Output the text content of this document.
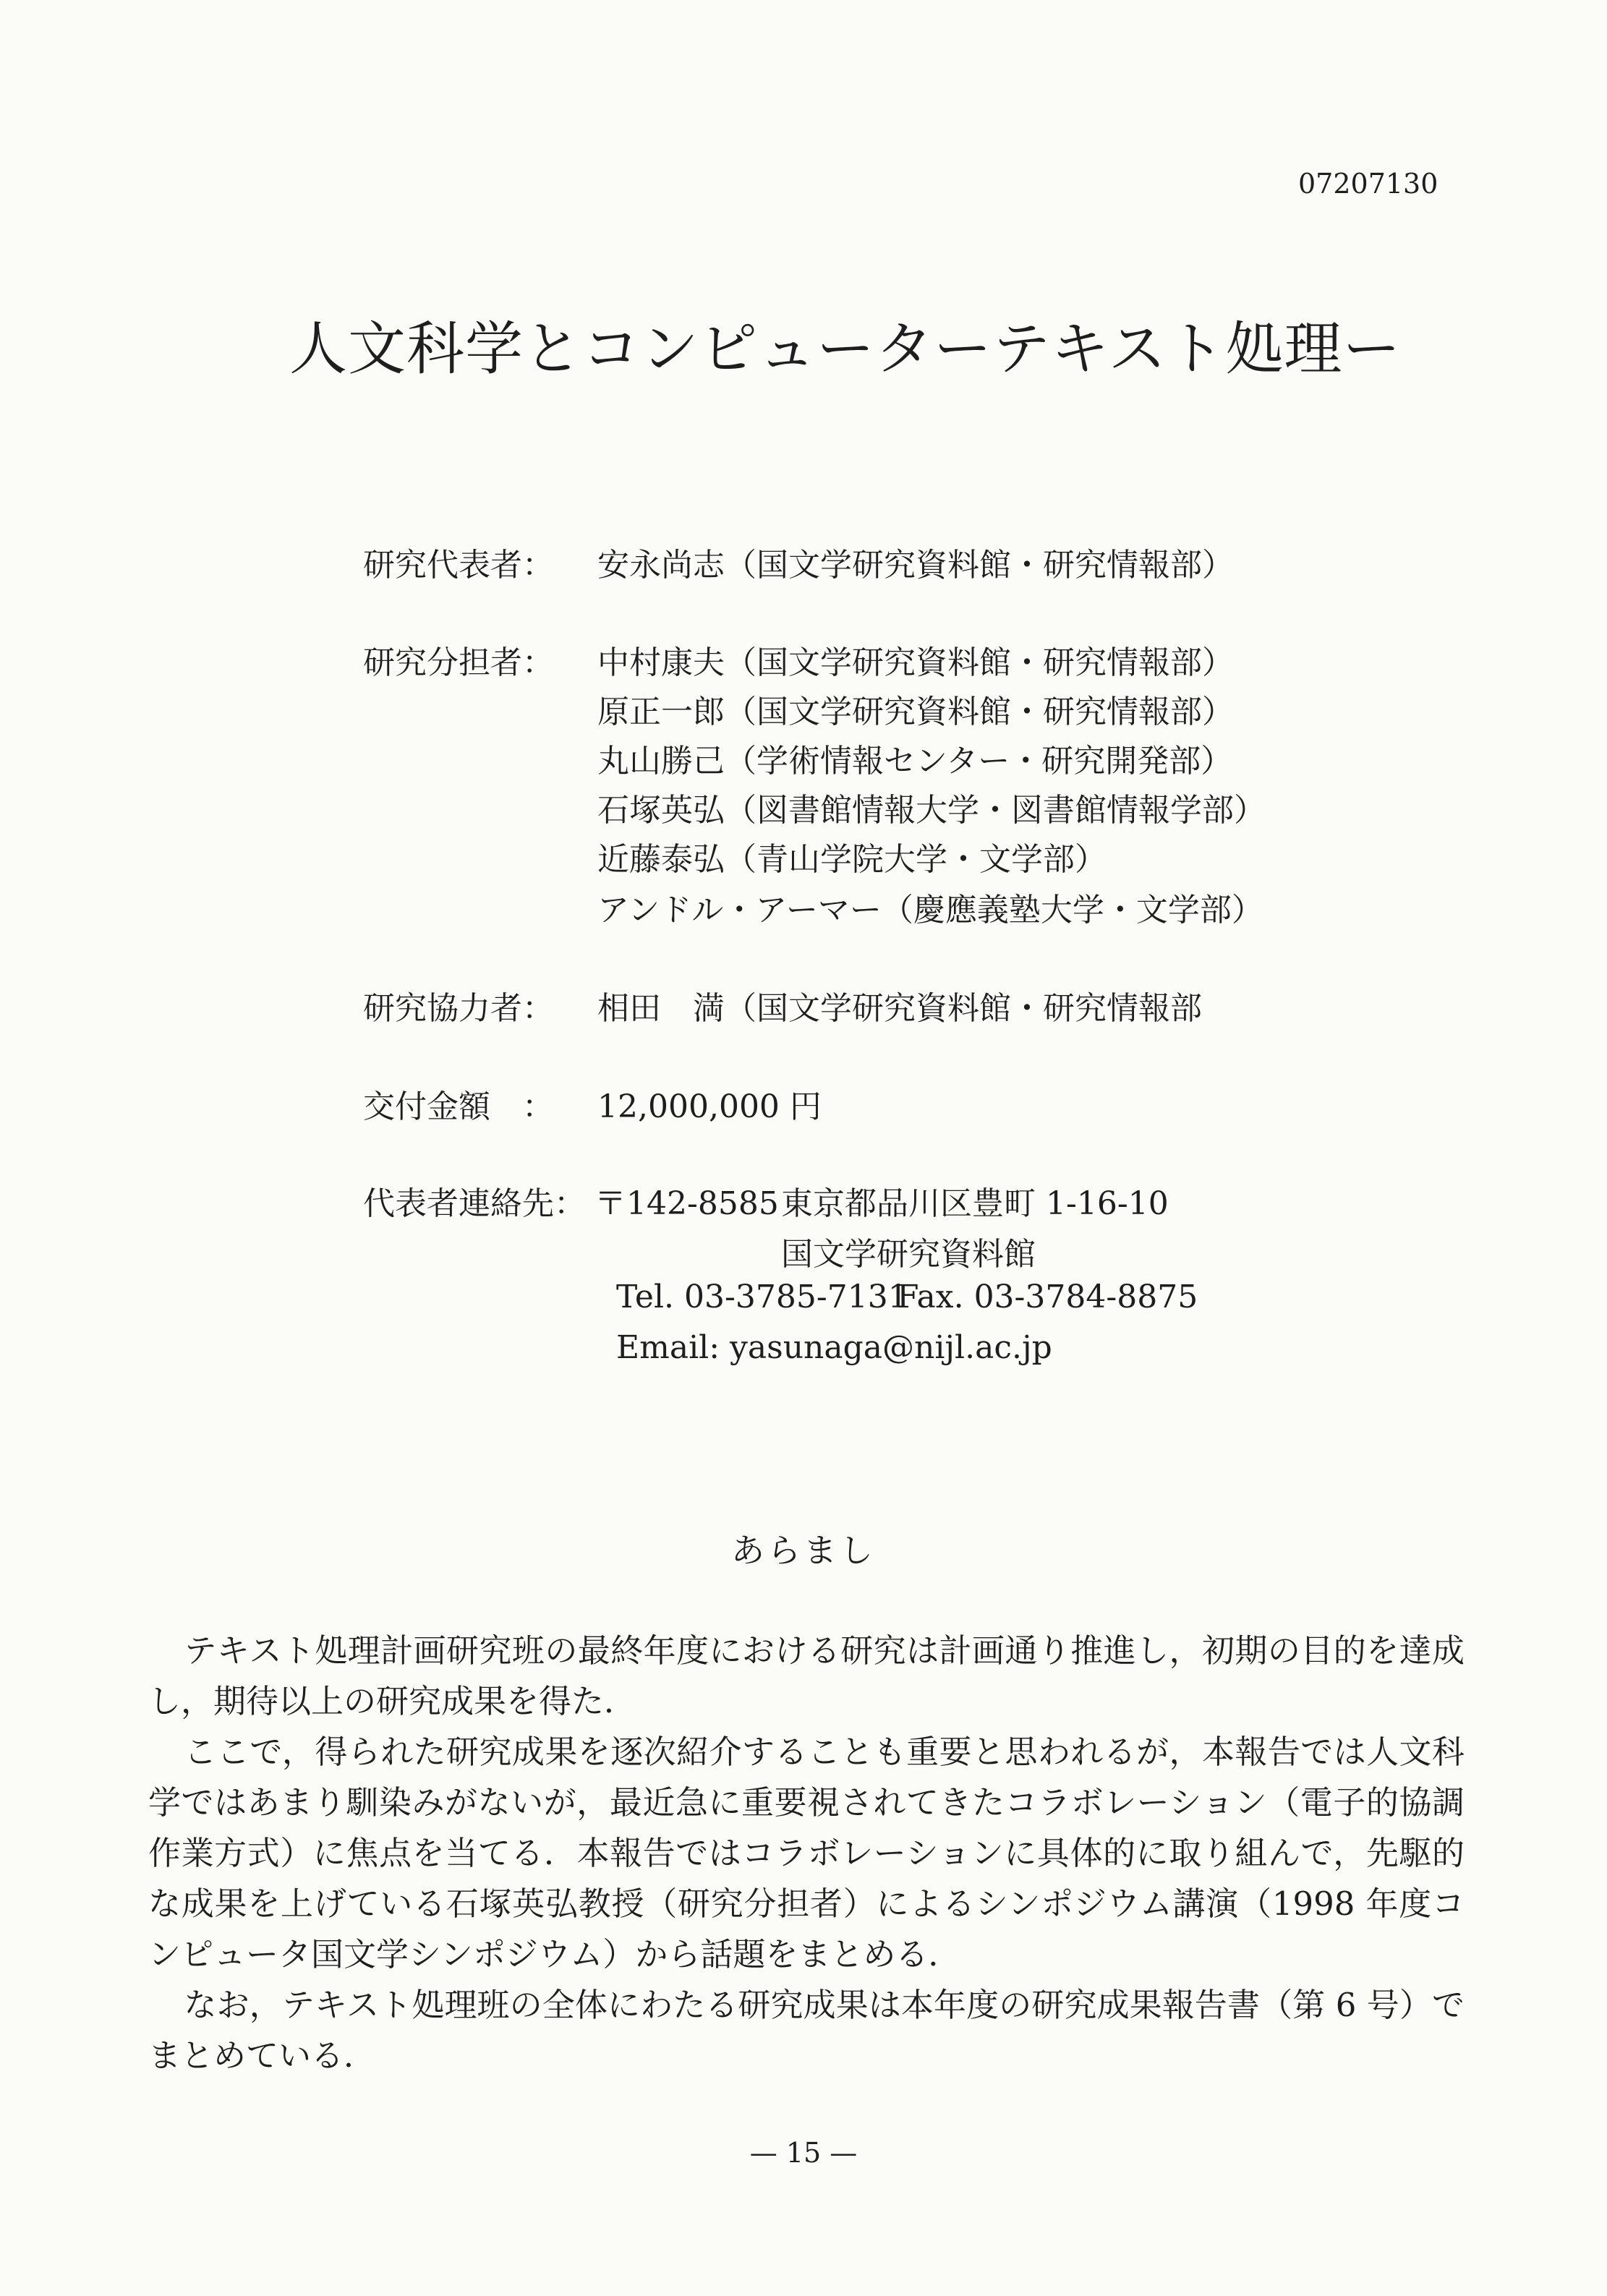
07207130
人文科学とコンピューターテキスト処理ー
研究代表者： 安永尚志（国文学研究資料館・研究情報部）
研究分担者： 中村康夫（国文学研究資料館・研究情報部）
原正一郎（国文学研究資料館・研究情報部）
丸山勝己（学術情報センター・研究開発部）
石塚英弘（図書館情報大学・図書館情報学部）
近藤泰弘（青山学院大学・文学部）
アンドル・アーマー（慶應義塾大学・文学部）
研究協力者： 相田　満（国文学研究資料館・研究情報部
交付金額　： 12,000,000 円
代表者連絡先： 〒142-8585 東京都品川区豊町 1-16-10
国文学研究資料館
Tel. 03-3785-7131
Fax. 03-3784-8875
Email: yasunaga@nijl.ac.jp
あらまし

テキスト処理計画研究班の最終年度における研究は計画通り推進し，初期の目的を達成し，期待以上の研究成果を得た．

ここで，得られた研究成果を逐次紹介することも重要と思われるが，本報告では人文科学ではあまり馴染みがないが，最近急に重要視されてきたコラボレーション（電子的協調作業方式）に焦点を当てる．本報告ではコラボレーションに具体的に取り組んで，先駆的な成果を上げている石塚英弘教授（研究分担者）によるシンポジウム講演（1998 年度コンピュータ国文学シンポジウム）から話題をまとめる．

なお，テキスト処理班の全体にわたる研究成果は本年度の研究成果報告書（第 6 号）でまとめている．

— 15 —
